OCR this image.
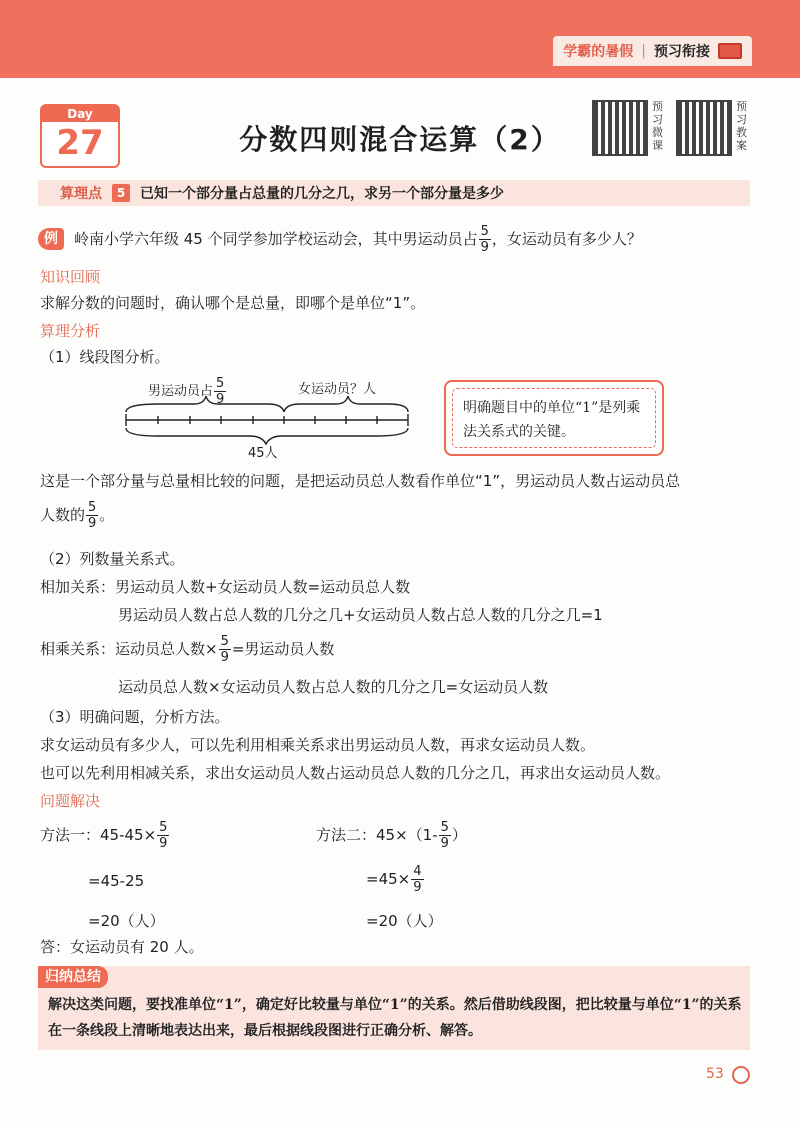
学霸的暑假 | 预习衔接
Day
27	分数四则混合运算（2）
预
习
微
课
预
习
教
案
算理点	5	已知一个部分量占总量的几分之几，求另一个部分量是多少
例	岭南小学六年级 45 个同学参加学校运动会，其中男运动员占 $\frac{5}{9}$ ，女运动员有多少人？
知识回顾
求解分数的问题时，确认哪个是总量，即哪个是单位“1”。
算理分析
（1）线段图分析。
男运动员占 $\frac{5}{9}$	女运动员？人
45人
明确题目中的单位“1”是列乘法关系式的关键。
这是一个部分量与总量相比较的问题，是把运动员总人数看作单位“1”，男运动员人数占运动员总
人数的 $\frac{5}{9}$ 。
（2）列数量关系式。
相加关系：男运动员人数+女运动员人数=运动员总人数
男运动员人数占总人数的几分之几+女运动员人数占总人数的几分之几=1
相乘关系：运动员总人数× $\frac{5}{9}$ =男运动员人数
运动员总人数×女运动员人数占总人数的几分之几=女运动员人数
（3）明确问题，分析方法。
求女运动员有多少人，可以先利用相乘关系求出男运动员人数，再求女运动员人数。
也可以先利用相减关系，求出女运动员人数占运动员总人数的几分之几，再求出女运动员人数。
问题解决
方法一：$45-45\times \frac{5}{9}$
=45-25
=20（人）
方法二：$45\times(1- \frac{5}{9}$ ）
$=45\times \frac{4}{9}$
=20（人）
答：女运动员有 20 人。
归纳总结
解决这类问题，要找准单位“1”，确定好比较量与单位“1”的关系。然后借助线段图，把比较量与单位“1”的关系在一条线段上清晰地表达出来，最后根据线段图进行正确分析、解答。
53
